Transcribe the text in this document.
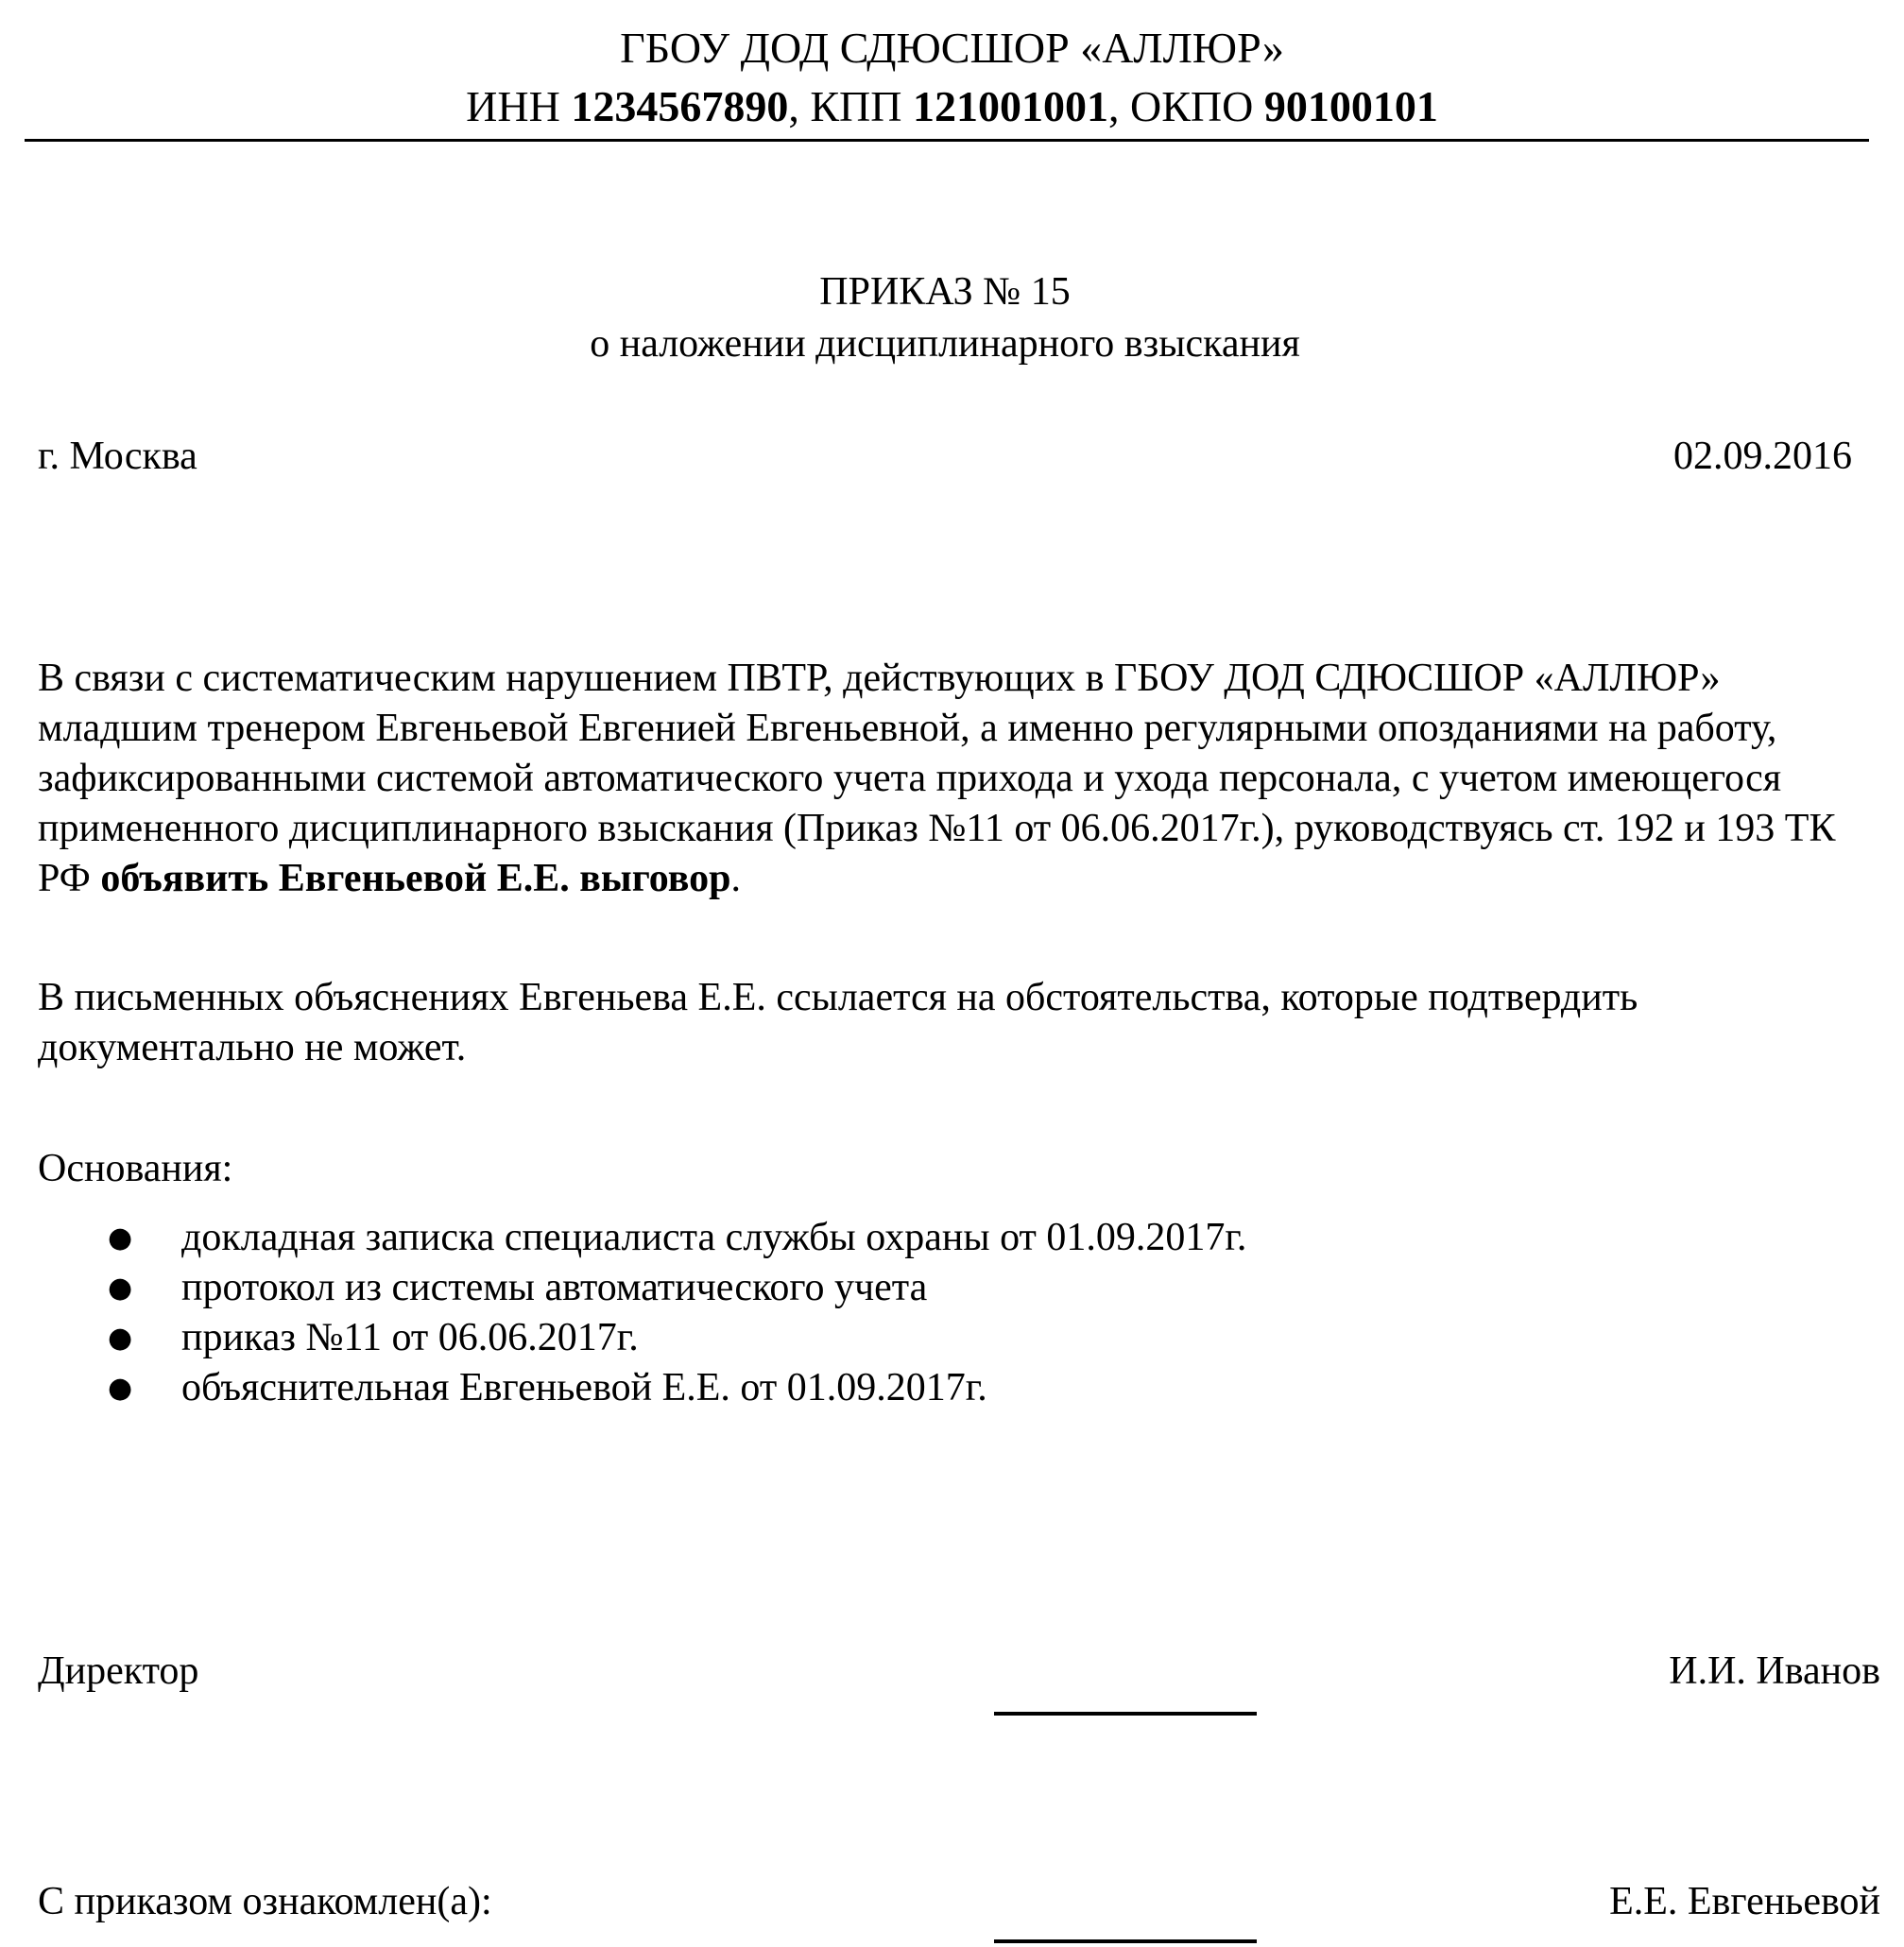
ГБОУ ДОД СДЮСШОР «АЛЛЮР»
ИНН 1234567890, КПП 121001001, ОКПО 90100101
ПРИКАЗ № 15
о наложении дисциплинарного взыскания
г. Москва	02.09.2016
В связи с систематическим нарушением ПВТР, действующих в ГБОУ ДОД СДЮСШОР «АЛЛЮР» младшим тренером Евгеньевой Евгенией Евгеньевной, а именно регулярными опозданиями на работу, зафиксированными системой автоматического учета прихода и ухода персонала, с учетом имеющегося примененного дисциплинарного взыскания (Приказ №11 от 06.06.2017г.), руководствуясь ст. 192 и 193 ТК РФ объявить Евгеньевой Е.Е. выговор.
В письменных объяснениях Евгеньева Е.Е. ссылается на обстоятельства, которые подтвердить документально не может.
Основания:
● докладная записка специалиста службы охраны от 01.09.2017г.
● протокол из системы автоматического учета
● приказ №11 от 06.06.2017г.
● объяснительная Евгеньевой Е.Е. от 01.09.2017г.
Директор	И.И. Иванов
С приказом ознакомлен(а):	Е.Е. Евгеньевой
